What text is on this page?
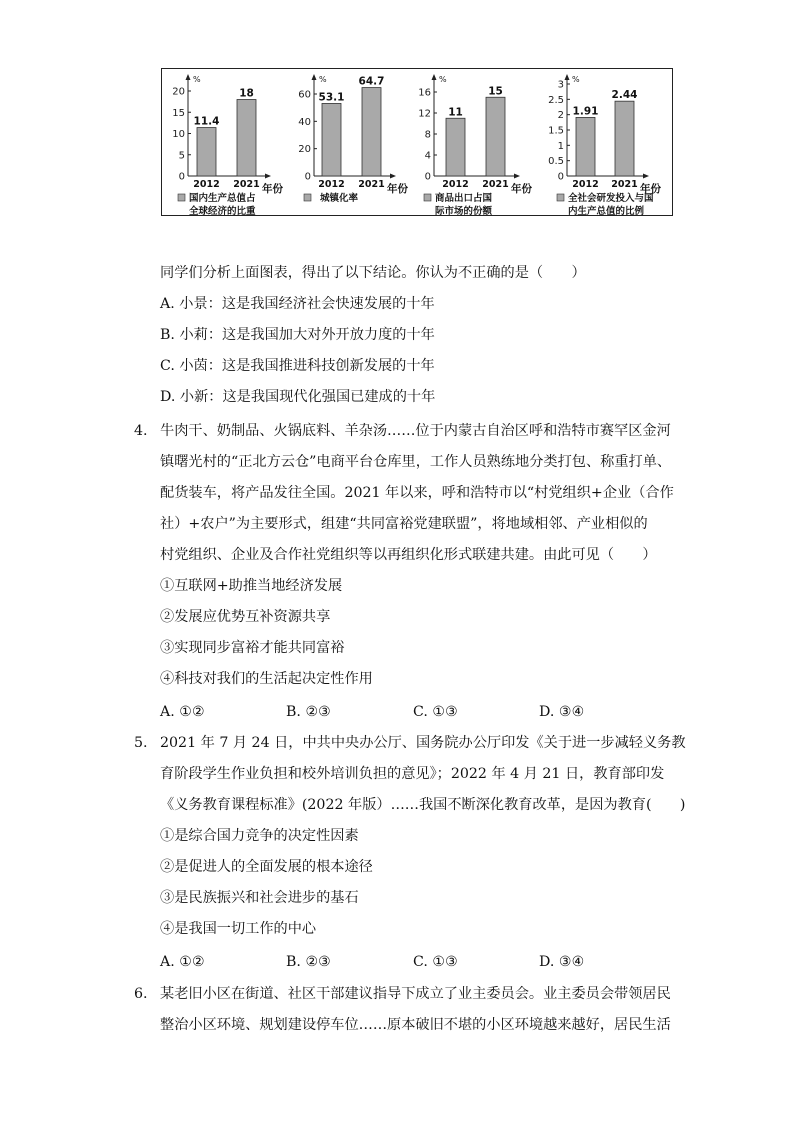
%
0
5
10
15
20
11.4
2012
18
2021 年份
国内生产总值占
全球经济的比重
%
0
20
40
60 53.1
2012
64.7
2021 年份
城镇化率
%
0
4
8
12
16
11
2012
15
2021 年份
商品出口占国
际市场的份额
%
0
0.5
1
1.5
2
2.5
3
1.91
2012
2.44
2021 年份
全社会研发投入与国
内生产总值的比例
同学们分析上面图表，得出了以下结论。你认为不正确的是（　　）
A. 小景：这是我国经济社会快速发展的十年
B. 小莉：这是我国加大对外开放力度的十年
C. 小茵：这是我国推进科技创新发展的十年
D. 小新：这是我国现代化强国已建成的十年
4. 牛肉干、奶制品、火锅底料、羊杂汤……位于内蒙古自治区呼和浩特市赛罕区金河
镇曙光村的“正北方云仓”电商平台仓库里，工作人员熟练地分类打包、称重打单、
配货装车，将产品发往全国。2021 年以来，呼和浩特市以“村党组织+企业（合作
社）+农户”为主要形式，组建“共同富裕党建联盟”，将地域相邻、产业相似的
村党组织、企业及合作社党组织等以再组织化形式联建共建。由此可见（　　）
①互联网+助推当地经济发展
②发展应优势互补资源共享
③实现同步富裕才能共同富裕
④科技对我们的生活起决定性作用
A. ①②	B. ②③	C. ①③	D. ③④
5. 2021 年 7 月 24 日，中共中央办公厅、国务院办公厅印发《关于进一步减轻义务教
育阶段学生作业负担和校外培训负担的意见》；2022 年 4 月 21 日，教育部印发
《义务教育课程标准》(2022 年版）……我国不断深化教育改革，是因为教育(　　)
①是综合国力竞争的决定性因素
②是促进人的全面发展的根本途径
③是民族振兴和社会进步的基石
④是我国一切工作的中心
A. ①②	B. ②③	C. ①③	D. ③④
6. 某老旧小区在街道、社区干部建议指导下成立了业主委员会。业主委员会带领居民
整治小区环境、规划建设停车位……原本破旧不堪的小区环境越来越好，居民生活
